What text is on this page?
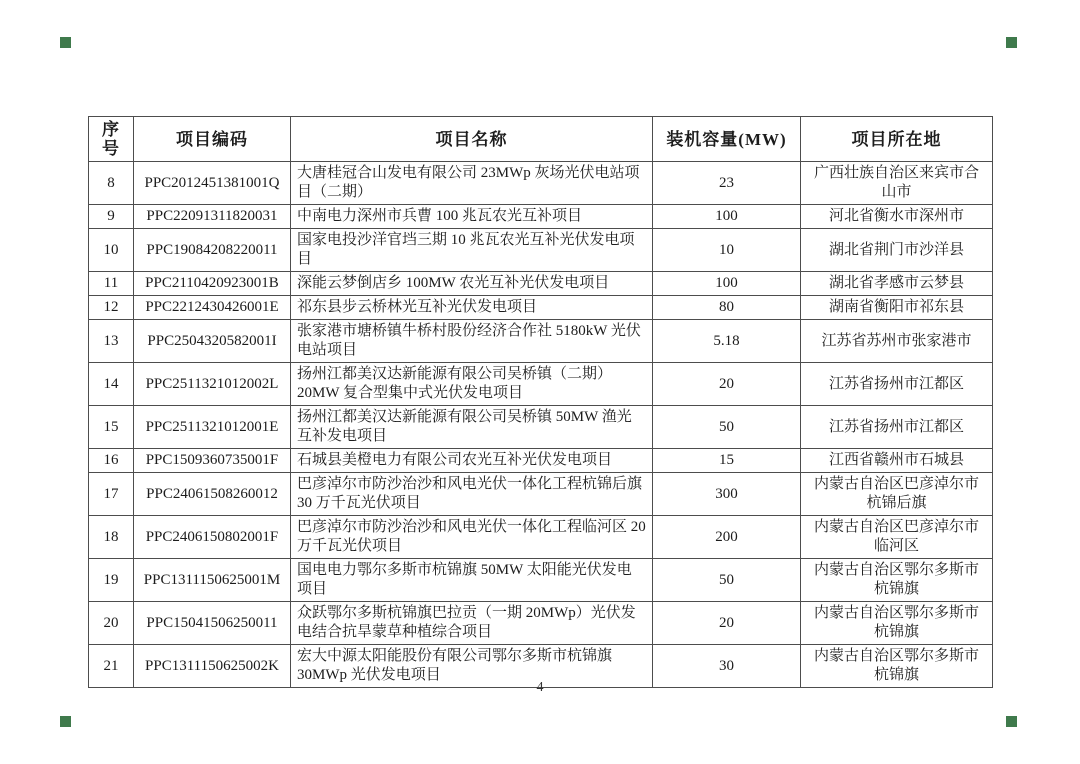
序号	项目编码	项目名称	装机容量(MW)	项目所在地
8	PPC2012451381001Q	大唐桂冠合山发电有限公司 23MWp 灰场光伏电站项目（二期）	23	广西壮族自治区来宾市合山市
9	PPC22091311820031	中南电力深州市兵曹 100 兆瓦农光互补项目	100	河北省衡水市深州市
10	PPC19084208220011	国家电投沙洋官垱三期 10 兆瓦农光互补光伏发电项目	10	湖北省荆门市沙洋县
11	PPC2110420923001B	深能云梦倒店乡 100MW 农光互补光伏发电项目	100	湖北省孝感市云梦县
12	PPC2212430426001E	祁东县步云桥林光互补光伏发电项目	80	湖南省衡阳市祁东县
13	PPC2504320582001I	张家港市塘桥镇牛桥村股份经济合作社 5180kW 光伏电站项目	5.18	江苏省苏州市张家港市
14	PPC2511321012002L	扬州江都美汉达新能源有限公司吴桥镇（二期）20MW 复合型集中式光伏发电项目	20	江苏省扬州市江都区
15	PPC2511321012001E	扬州江都美汉达新能源有限公司吴桥镇 50MW 渔光互补发电项目	50	江苏省扬州市江都区
16	PPC1509360735001F	石城县美橙电力有限公司农光互补光伏发电项目	15	江西省赣州市石城县
17	PPC24061508260012	巴彦淖尔市防沙治沙和风电光伏一体化工程杭锦后旗 30 万千瓦光伏项目	300	内蒙古自治区巴彦淖尔市杭锦后旗
18	PPC2406150802001F	巴彦淖尔市防沙治沙和风电光伏一体化工程临河区 20 万千瓦光伏项目	200	内蒙古自治区巴彦淖尔市临河区
19	PPC1311150625001M	国电电力鄂尔多斯市杭锦旗 50MW 太阳能光伏发电项目	50	内蒙古自治区鄂尔多斯市杭锦旗
20	PPC15041506250011	众跃鄂尔多斯杭锦旗巴拉贡（一期 20MWp）光伏发电结合抗旱蒙草种植综合项目	20	内蒙古自治区鄂尔多斯市杭锦旗
21	PPC1311150625002K	宏大中源太阳能股份有限公司鄂尔多斯市杭锦旗 30MWp 光伏发电项目	30	内蒙古自治区鄂尔多斯市杭锦旗
4
